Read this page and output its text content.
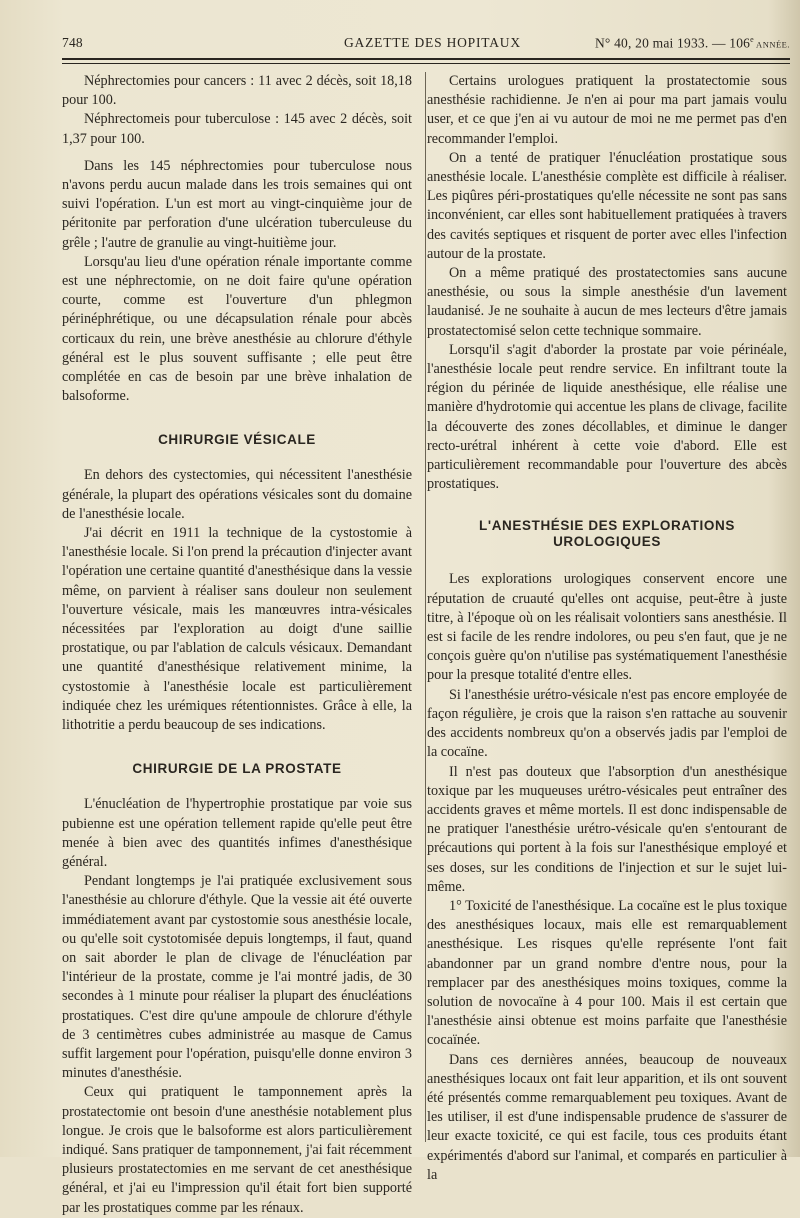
748	GAZETTE DES HOPITAUX	N° 40, 20 mai 1933. — 106e ANNÉE.

Néphrectomies pour cancers : 11 avec 2 décès, soit 18,18 pour 100.

Néphrectomeis pour tuberculose : 145 avec 2 décès, soit 1,37 pour 100.

Dans les 145 néphrectomies pour tuberculose nous n'avons perdu aucun malade dans les trois semaines qui ont suivi l'opération. L'un est mort au vingt-cinquième jour de péritonite par perforation d'une ulcération tuberculeuse du grêle ; l'autre de granulie au vingt-huitième jour.

Lorsqu'au lieu d'une opération rénale importante comme est une néphrectomie, on ne doit faire qu'une opération courte, comme est l'ouverture d'un phlegmon périnéphrétique, ou une décapsulation rénale pour abcès corticaux du rein, une brève anesthésie au chlorure d'éthyle général est le plus souvent suffisante ; elle peut être complétée en cas de besoin par une brève inhalation de balsoforme.

CHIRURGIE VÉSICALE

En dehors des cystectomies, qui nécessitent l'anesthésie générale, la plupart des opérations vésicales sont du domaine de l'anesthésie locale.

J'ai décrit en 1911 la technique de la cystostomie à l'anesthésie locale. Si l'on prend la précaution d'injecter avant l'opération une certaine quantité d'anesthésique dans la vessie même, on parvient à réaliser sans douleur non seulement l'ouverture vésicale, mais les manœuvres intra-vésicales nécessitées par l'exploration au doigt d'une saillie prostatique, ou par l'ablation de calculs vésicaux. Demandant une quantité d'anesthésique relativement minime, la cystostomie à l'anesthésie locale est particulièrement indiquée chez les urémiques rétentionnistes. Grâce à elle, la lithotritie a perdu beaucoup de ses indications.

CHIRURGIE DE LA PROSTATE

L'énucléation de l'hypertrophie prostatique par voie sus pubienne est une opération tellement rapide qu'elle peut être menée à bien avec des quantités infimes d'anesthésique général.

Pendant longtemps je l'ai pratiquée exclusivement sous l'anesthésie au chlorure d'éthyle. Que la vessie ait été ouverte immédiatement avant par cystostomie sous anesthésie locale, ou qu'elle soit cystotomisée depuis longtemps, il faut, quand on sait aborder le plan de clivage de l'énucléation par l'intérieur de la prostate, comme je l'ai montré jadis, de 30 secondes à 1 minute pour réaliser la plupart des énucléations prostatiques. C'est dire qu'une ampoule de chlorure d'éthyle de 3 centimètres cubes administrée au masque de Camus suffit largement pour l'opération, puisqu'elle donne environ 3 minutes d'anesthésie.

Ceux qui pratiquent le tamponnement après la prostatectomie ont besoin d'une anesthésie notablement plus longue. Je crois que le balsoforme est alors particulièrement indiqué. Sans pratiquer de tamponnement, j'ai fait récemment plusieurs prostatectomies en me servant de cet anesthésique général, et j'ai eu l'impression qu'il était fort bien supporté par les prostatiques comme par les rénaux.

Certains urologues pratiquent la prostatectomie sous anesthésie rachidienne. Je n'en ai pour ma part jamais voulu user, et ce que j'en ai vu autour de moi ne me permet pas d'en recommander l'emploi.

On a tenté de pratiquer l'énucléation prostatique sous anesthésie locale. L'anesthésie complète est difficile à réaliser. Les piqûres péri-prostatiques qu'elle nécessite ne sont pas sans inconvénient, car elles sont habituellement pratiquées à travers des cavités septiques et risquent de porter avec elles l'infection autour de la prostate.

On a même pratiqué des prostatectomies sans aucune anesthésie, ou sous la simple anesthésie d'un lavement laudanisé. Je ne souhaite à aucun de mes lecteurs d'être jamais prostatectomisé selon cette technique sommaire.

Lorsqu'il s'agit d'aborder la prostate par voie périnéale, l'anesthésie locale peut rendre service. En infiltrant toute la région du périnée de liquide anesthésique, elle réalise une manière d'hydrotomie qui accentue les plans de clivage, facilite la découverte des zones décollables, et diminue le danger recto-urétral inhérent à cette voie d'abord. Elle est particulièrement recommandable pour l'ouverture des abcès prostatiques.

L'ANESTHÉSIE DES EXPLORATIONS UROLOGIQUES

Les explorations urologiques conservent encore une réputation de cruauté qu'elles ont acquise, peut-être à juste titre, à l'époque où on les réalisait volontiers sans anesthésie. Il est si facile de les rendre indolores, ou peu s'en faut, que je ne conçois guère qu'on n'utilise pas systématiquement l'anesthésie pour la presque totalité d'entre elles.

Si l'anesthésie urétro-vésicale n'est pas encore employée de façon régulière, je crois que la raison s'en rattache au souvenir des accidents nombreux qu'on a observés jadis par l'emploi de la cocaïne.

Il n'est pas douteux que l'absorption d'un anesthésique toxique par les muqueuses urétro-vésicales peut entraîner des accidents graves et même mortels. Il est donc indispensable de ne pratiquer l'anesthésie urétro-vésicale qu'en s'entourant de précautions qui portent à la fois sur l'anesthésique employé et ses doses, sur les conditions de l'injection et sur le sujet lui-même.

1° Toxicité de l'anesthésique. La cocaïne est le plus toxique des anesthésiques locaux, mais elle est remarquablement anesthésique. Les risques qu'elle représente l'ont fait abandonner par un grand nombre d'entre nous, pour la remplacer par des anesthésiques moins toxiques, comme la solution de novocaïne à 4 pour 100. Mais il est certain que l'anesthésie ainsi obtenue est moins parfaite que l'anesthésie cocaïnée.

Dans ces dernières années, beaucoup de nouveaux anesthésiques locaux ont fait leur apparition, et ils ont souvent été présentés comme remarquablement peu toxiques. Avant de les utiliser, il est d'une indispensable prudence de s'assurer de leur exacte toxicité, ce qui est facile, tous ces produits étant expérimentés d'abord sur l'animal, et comparés en particulier à la
